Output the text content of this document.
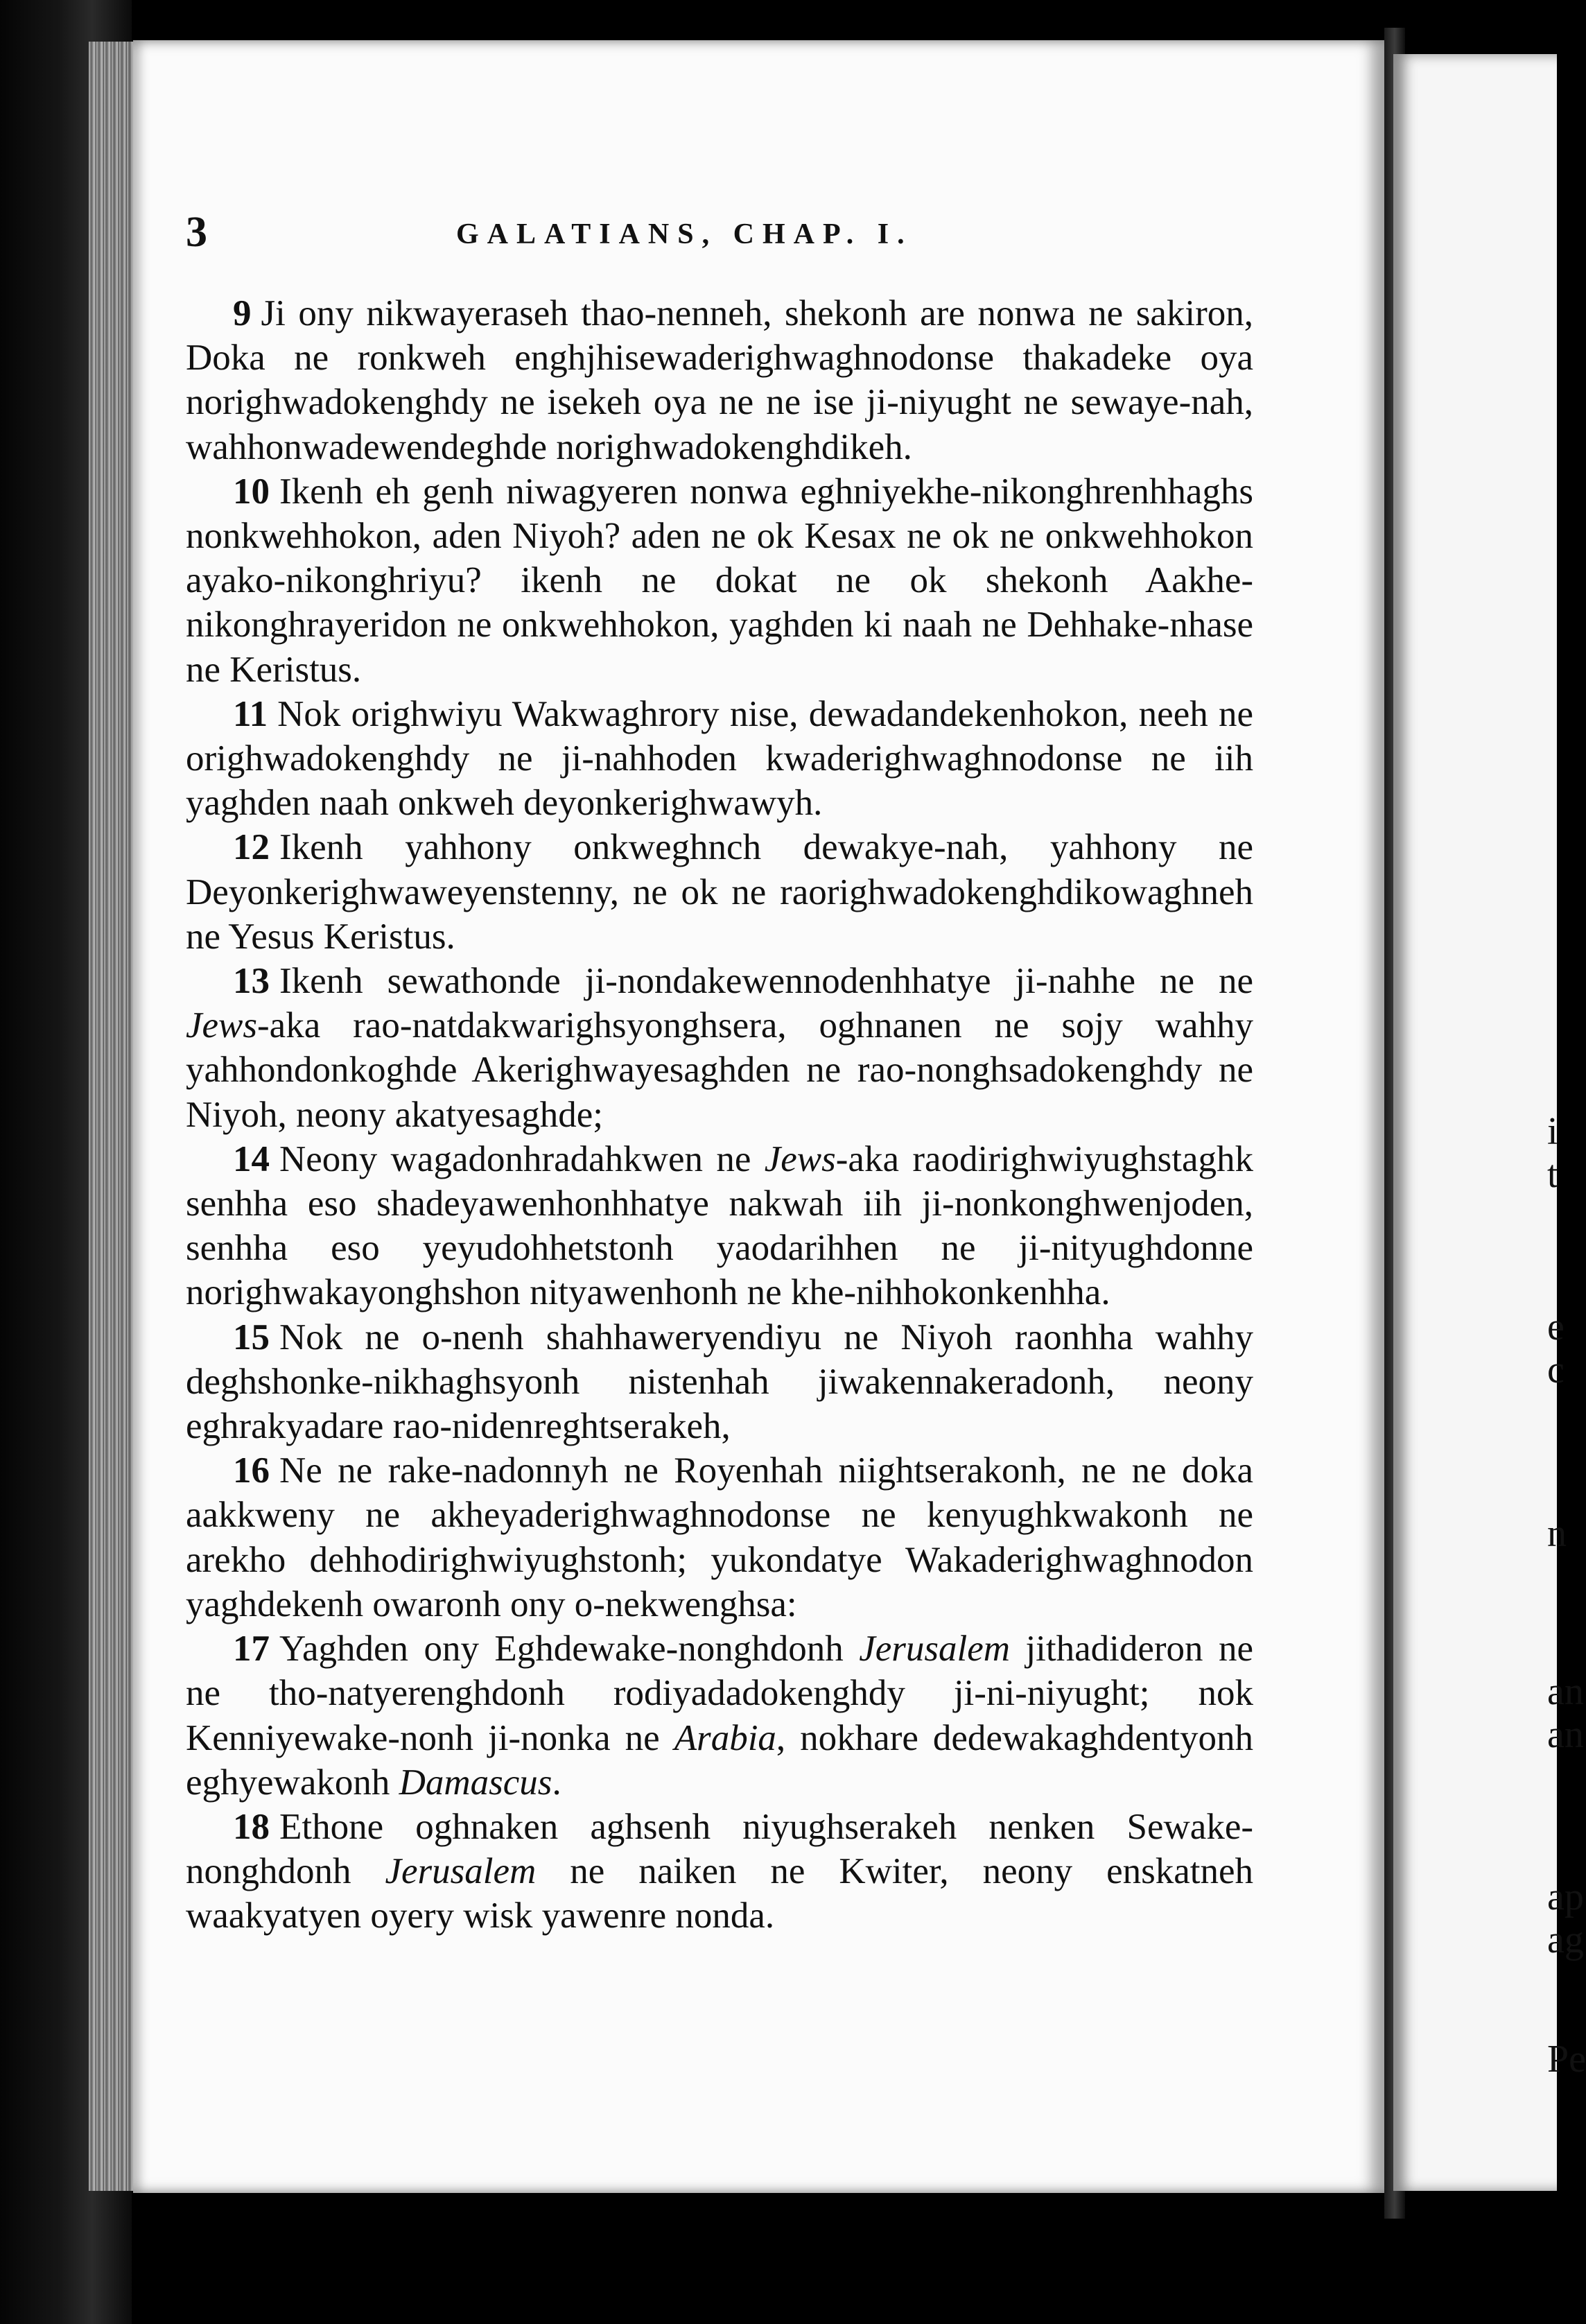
i
t
e
c
n
an
an
ap
ag
Pe
3	GALATIANS, CHAP. I.

9 Ji ony nikwayeraseh thao-nenneh, shekonh are nonwa ne sakiron, Doka ne ronkweh enghjhisewaderighwaghnodonse thakadeke oya norighwadokenghdy ne isekeh oya ne ne ise ji-niyught ne sewaye-nah, wahhonwadewendeghde norighwadokenghdikeh.

10 Ikenh eh genh niwagyeren nonwa eghniyekhe-nikonghrenhhaghs nonkwehhokon, aden Niyoh? aden ne ok Kesax ne ok ne onkwehhokon ayako-nikonghriyu? ikenh ne dokat ne ok shekonh Aakhe-nikonghrayeridon ne onkwehhokon, yaghden ki naah ne Dehhake-nhase ne Keristus.

11 Nok orighwiyu Wakwaghrory nise, dewadandekenhokon, neeh ne orighwadokenghdy ne ji-nahhoden kwaderighwaghnodonse ne iih yaghden naah onkweh deyonkerighwawyh.

12 Ikenh yahhony onkweghnch dewakye-nah, yahhony ne Deyonkerighwaweyenstenny, ne ok ne raorighwadokenghdikowaghneh ne Yesus Keristus.

13 Ikenh sewathonde ji-nondakewennodenhhatye ji-nahhe ne ne Jews-aka rao-natdakwarighsyonghsera, oghnanen ne sojy wahhy yahhondonkoghde Akerighwayesaghden ne rao-nonghsadokenghdy ne Niyoh, neony akatyesaghde;

14 Neony wagadonhradahkwen ne Jews-aka raodirighwiyughstaghk senhha eso shadeyawenhonhhatye nakwah iih ji-nonkonghwenjoden, senhha eso yeyudohhetstonh yaodarihhen ne ji-nityughdonne norighwakayonghshon nityawenhonh ne khe-nihhokonkenhha.

15 Nok ne o-nenh shahhaweryendiyu ne Niyoh raonhha wahhy deghshonke-nikhaghsyonh nistenhah jiwakennakeradonh, neony eghrakyadare rao-nidenreghtserakeh,

16 Ne ne rake-nadonnyh ne Royenhah niightserakonh, ne ne doka aakkweny ne akheyaderighwaghnodonse ne kenyughkwakonh ne arekho dehhodirighwiyughstonh; yukondatye Wakaderighwaghnodon yaghdekenh owaronh ony o-nekwenghsa:

17 Yaghden ony Eghdewake-nonghdonh Jerusalem jithadideron ne ne tho-natyerenghdonh rodiyadadokenghdy ji-ni-niyught; nok Kenniyewake-nonh ji-nonka ne Arabia, nokhare dedewakaghdentyonh eghyewakonh Damascus.

18 Ethone oghnaken aghsenh niyughserakeh nenken Sewake-nonghdonh Jerusalem ne naiken ne Kwiter, neony enskatneh waakyatyen oyery wisk yawenre nonda.
